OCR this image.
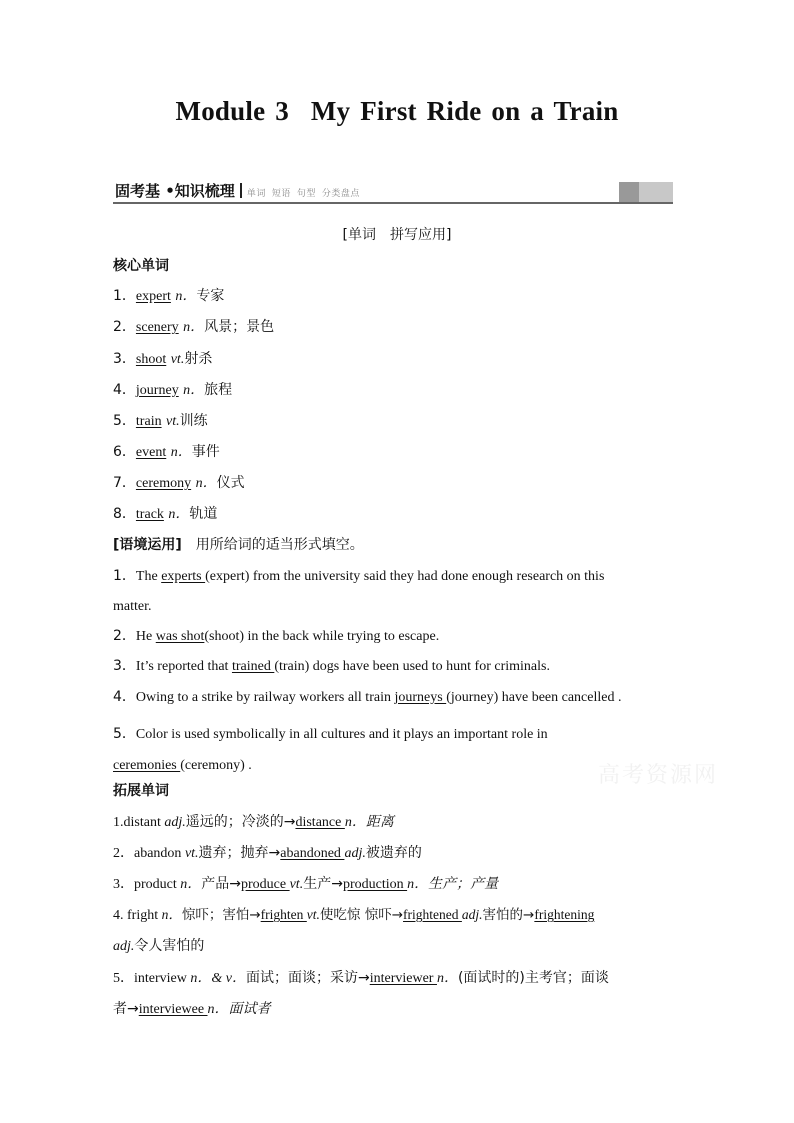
Module 3 My First Ride on a Train
固考基 •知识梳理 单词 短语 句型 分类盘点
[单词　拼写应用]
核心单词
1．expert n．专家
2．scenery n．风景；景色
3．shoot vt.射杀
4．journey n．旅程
5．train vt.训练
6．event n．事件
7．ceremony n．仪式
8．track n．轨道
[语境运用]　 用所给词的适当形式填空。
1．The experts (expert) from the university said they had done enough research on this
matter.
2．He was shot(shoot) in the back while trying to escape.
3．It’s reported that trained (train) dogs have been used to hunt for criminals.
4．Owing to a strike by railway workers all train journeys (journey) have been cancelled .
5．Color is used symbolically in all cultures and it plays an important role in
ceremonies (ceremony) .	高考资源网
拓展单词
1.distant adj.遥远的；冷淡的→distance n．距离
2．abandon vt.遗弃；抛弃→abandoned adj.被遗弃的
3．product n．产品→produce vt.生产→production n．生产；产量
4. fright n．惊吓；害怕→frighten vt.使吃惊 惊吓→frightened adj.害怕的→frightening
adj.令人害怕的
5．interview n．& v．面试；面谈；采访→interviewer n．(面试时的)主考官；面谈
者→interviewee n．面试者
